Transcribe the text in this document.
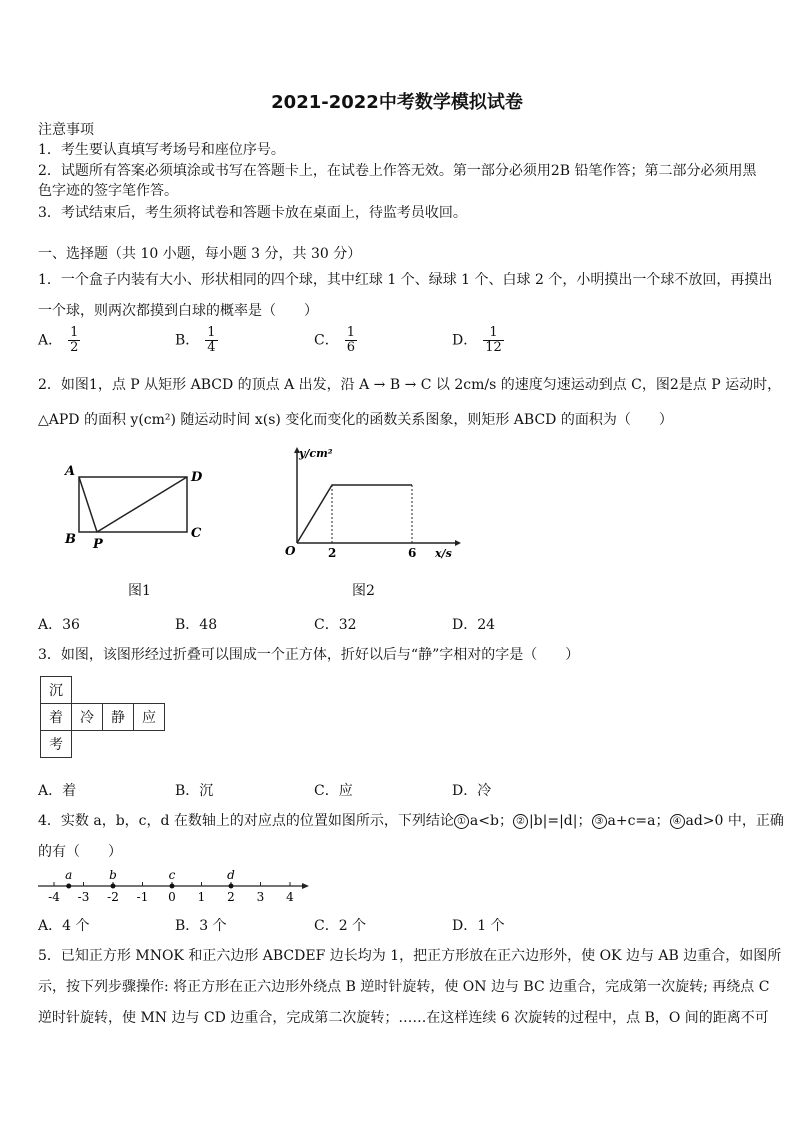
2021-2022中考数学模拟试卷
注意事项
1．考生要认真填写考场号和座位序号。
2．试题所有答案必须填涂或书写在答题卡上，在试卷上作答无效。第一部分必须用2B 铅笔作答；第二部分必须用黑
色字迹的签字笔作答。
3．考试结束后，考生须将试卷和答题卡放在桌面上，待监考员收回。
一、选择题（共 10 小题，每小题 3 分，共 30 分）
1．一个盒子内装有大小、形状相同的四个球，其中红球 1 个、绿球 1 个、白球 2 个，小明摸出一个球不放回，再摸出
一个球，则两次都摸到白球的概率是（　　）
A． $\frac{1}{2}$	B． $\frac{1}{4}$	C． $\frac{1}{6}$	D． $\frac{1}{12}$
2．如图1，点 P 从矩形 ABCD 的顶点 A 出发，沿 A → B → C 以 2cm/s 的速度匀速运动到点 C，图2是点 P 运动时，
△APD 的面积 y(cm²) 随运动时间 x(s) 变化而变化的函数关系图象，则矩形 ABCD 的面积为（　　）
A	D
B	C
P
y/cm²
x/s
O	2	6
图1	图2
A．36	B．48	C．32	D．24
3．如图，该图形经过折叠可以围成一个正方体，折好以后与“静”字相对的字是（　　）
沉			
着	冷	静	应
考			
A．着	B．沉	C．应	D．冷
4．实数 a，b，c，d 在数轴上的对应点的位置如图所示，下列结论 ① a<b； ② |b|=|d|； ③ a+c=a； ④ ad>0 中，正确
的有（　　）
-4 -3 -2 -1 0 1 2 3 4
a	b	c	d
A．4 个	B．3 个	C．2 个	D．1 个
5．已知正方形 MNOK 和正六边形 ABCDEF 边长均为 1，把正方形放在正六边形外，使 OK 边与 AB 边重合，如图所
示，按下列步骤操作: 将正方形在正六边形外绕点 B 逆时针旋转，使 ON 边与 BC 边重合，完成第一次旋转; 再绕点 C
逆时针旋转，使 MN 边与 CD 边重合，完成第二次旋转；……在这样连续 6 次旋转的过程中，点 B，O 间的距离不可
